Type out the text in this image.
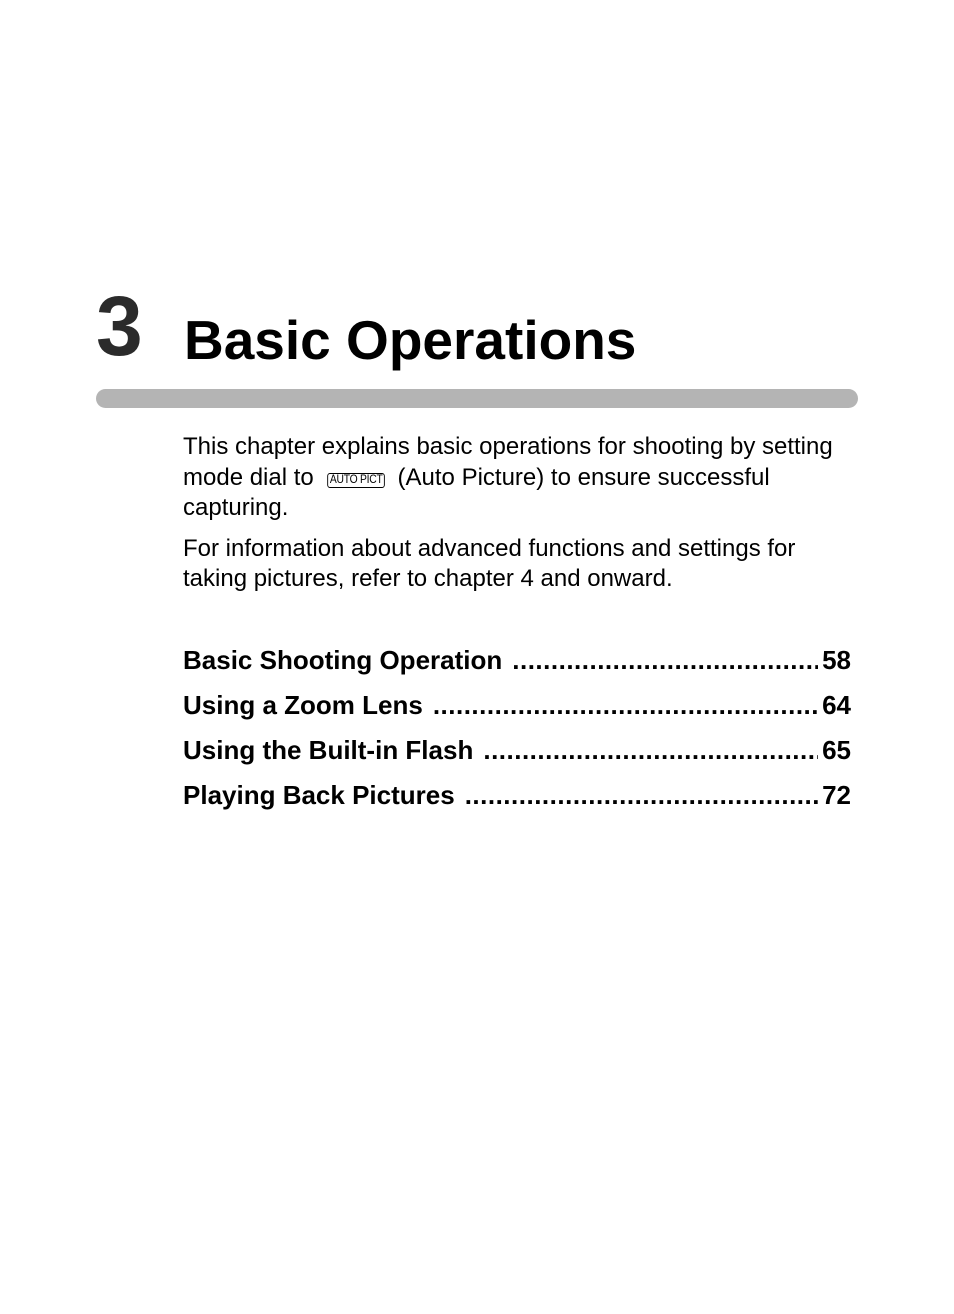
3 Basic Operations

This chapter explains basic operations for shooting by setting mode dial to AUTO PICT (Auto Picture) to ensure successful capturing.

For information about advanced functions and settings for taking pictures, refer to chapter 4 and onward.

Basic Shooting Operation .....	58
Using a Zoom Lens .....	64
Using the Built-in Flash .....	65
Playing Back Pictures .....	72
